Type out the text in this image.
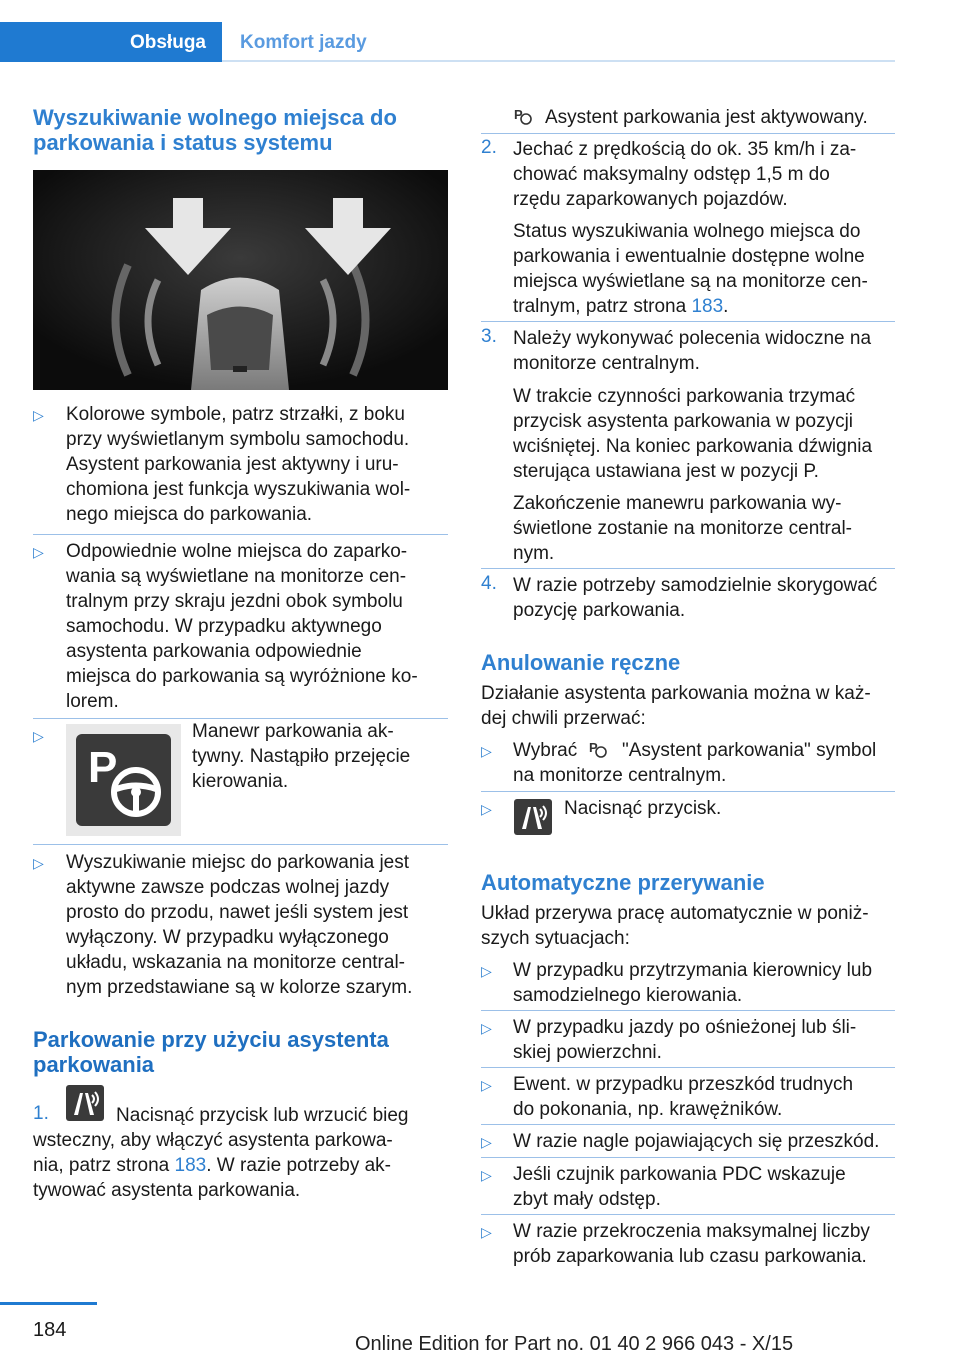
Obsługa Komfort jazdy
Wyszukiwanie wolnego miejsca do
parkowania i status systemu
▷ Kolorowe symbole, patrz strzałki, z boku
przy wyświetlanym symbolu samochodu.
Asystent parkowania jest aktywny i uru‐
chomiona jest funkcja wyszukiwania wol‐
nego miejsca do parkowania.
▷ Odpowiednie wolne miejsca do zaparko‐
wania są wyświetlane na monitorze cen‐
tralnym przy skraju jezdni obok symbolu
samochodu. W przypadku aktywnego
asystenta parkowania odpowiednie
miejsca do parkowania są wyróżnione ko‐
lorem.
▷
P
Manewr parkowania ak‐
tywny. Nastąpiło przejęcie
kierowania.
▷ Wyszukiwanie miejsc do parkowania jest
aktywne zawsze podczas wolnej jazdy
prosto do przodu, nawet jeśli system jest
wyłączony. W przypadku wyłączonego
układu, wskazania na monitorze central‐
nym przedstawiane są w kolorze szarym.
Parkowanie przy użyciu asystenta
parkowania
1.	Nacisnąć przycisk lub wrzucić bieg
wsteczny, aby włączyć asystenta parkowa‐
nia, patrz strona 183. W razie potrzeby ak‐
tywować asystenta parkowania.
P Asystent parkowania jest aktywowany.
2. Jechać z prędkością do ok. 35 km/h i za‐
chować maksymalny odstęp 1,5 m do
rzędu zaparkowanych pojazdów.
Status wyszukiwania wolnego miejsca do
parkowania i ewentualnie dostępne wolne
miejsca wyświetlane są na monitorze cen‐
tralnym, patrz strona 183.
3. Należy wykonywać polecenia widoczne na
monitorze centralnym.
W trakcie czynności parkowania trzymać
przycisk asystenta parkowania w pozycji
wciśniętej. Na koniec parkowania dźwignia
sterująca ustawiana jest w pozycji P.
Zakończenie manewru parkowania wy‐
świetlone zostanie na monitorze central‐
nym.
4. W razie potrzeby samodzielnie skorygować
pozycję parkowania.
Anulowanie ręczne
Działanie asystenta parkowania można w każ‐
dej chwili przerwać:
▷ Wybrać P "Asystent parkowania" symbol
na monitorze centralnym.
▷	Nacisnąć przycisk.
Automatyczne przerywanie
Układ przerywa pracę automatycznie w poniż‐
szych sytuacjach:
▷ W przypadku przytrzymania kierownicy lub
samodzielnego kierowania.
▷ W przypadku jazdy po ośnieżonej lub śli‐
skiej powierzchni.
▷ Ewent. w przypadku przeszkód trudnych
do pokonania, np. krawężników.
▷ W razie nagle pojawiających się przeszkód.
▷ Jeśli czujnik parkowania PDC wskazuje
zbyt mały odstęp.
▷ W razie przekroczenia maksymalnej liczby
prób zaparkowania lub czasu parkowania.
184
Online Edition for Part no. 01 40 2 966 043 - X/15
